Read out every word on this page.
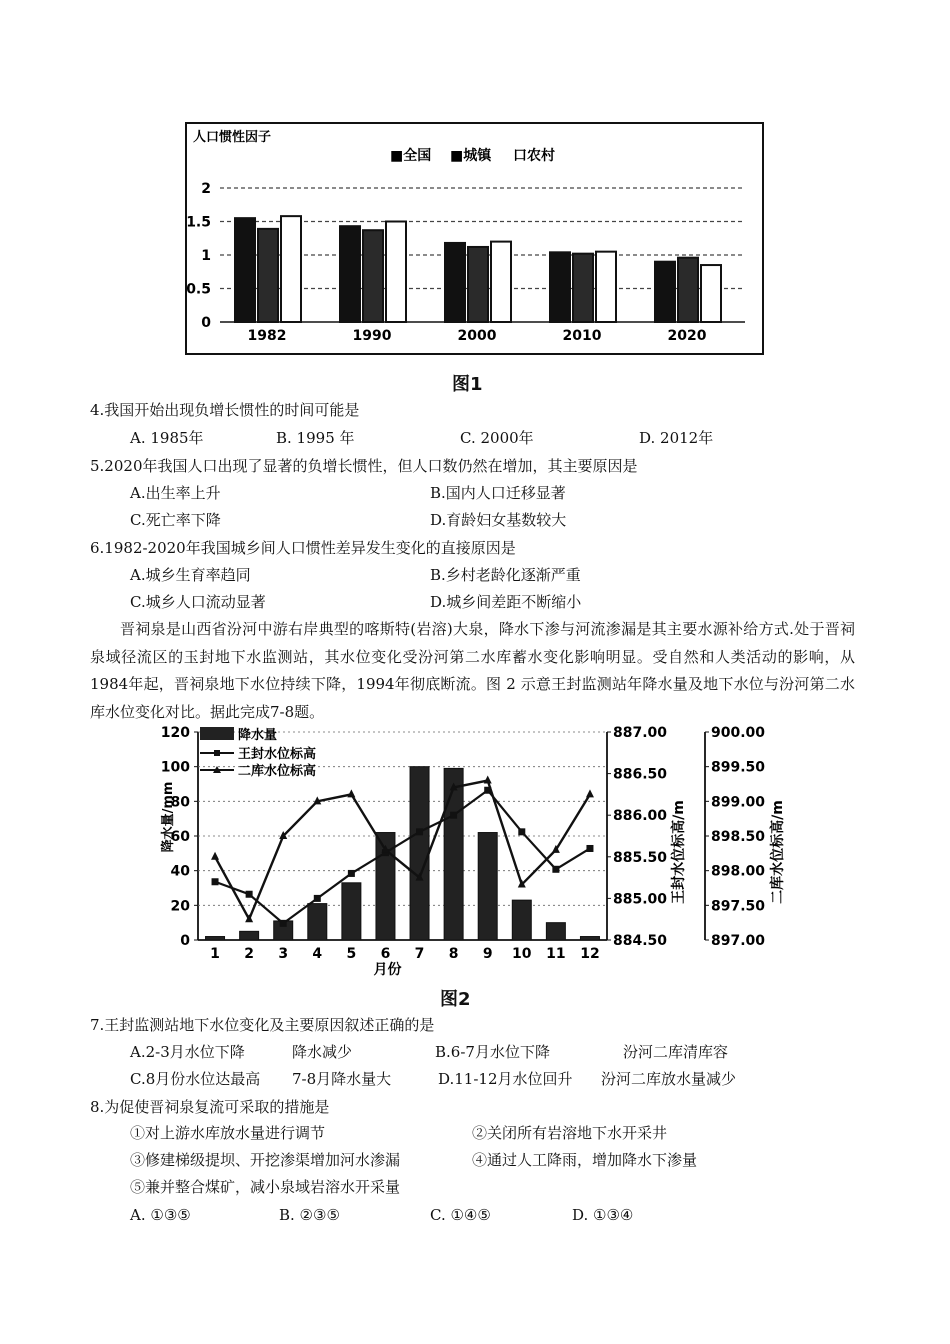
人口惯性因子
■全国 ■城镇 口农村
0
0.5
1
1.5
2
1982	1990	2000	2010	2020
图1
4.我国开始出现负增长惯性的时间可能是
A. 1985年	B. 1995 年	C. 2000年	D. 2012年
5.2020年我国人口出现了显著的负增长惯性，但人口数仍然在增加，其主要原因是
A.出生率上升	B.国内人口迁移显著
C.死亡率下降	D.育龄妇女基数较大
6.1982-2020年我国城乡间人口惯性差异发生变化的直接原因是
A.城乡生育率趋同	B.乡村老龄化逐渐严重
C.城乡人口流动显著	D.城乡间差距不断缩小
晋祠泉是山西省汾河中游右岸典型的喀斯特(岩溶)大泉，降水下渗与河流渗漏是其主要水源补给方式.处于晋祠泉域径流区的玉封地下水监测站，其水位变化受汾河第二水库蓄水变化影响明显。受自然和人类活动的影响，从1984年起，晋祠泉地下水位持续下降，1994年彻底断流。图 2 示意王封监测站年降水量及地下水位与汾河第二水库水位变化对比。据此完成7-8题。
0
20
40
60
80
100
120
884.50
885.00
885.50
886.00
886.50
887.00
897.00
897.50
898.00
898.50
899.00
899.50
900.00
1 2 3 4 5 6 7 8 9 10 11 12
月份
降水量
王封水位标高
二库水位标高
降水量/mm	王封水位标高/m	二库水位标高/m
图2
7.王封监测站地下水位变化及主要原因叙述正确的是
A.2-3月水位下降	降水减少	B.6-7月水位下降	汾河二库清库容
C.8月份水位达最高 7-8月降水量大	D.11-12月水位回升 汾河二库放水量减少
8.为促使晋祠泉复流可采取的措施是
①对上游水库放水量进行调节	②关闭所有岩溶地下水开采井
③修建梯级提坝、开挖渗渠增加河水渗漏	④通过人工降雨，增加降水下渗量
⑤兼并整合煤矿，减小泉域岩溶水开采量
A. ①③⑤	B. ②③⑤	C. ①④⑤	D. ①③④
